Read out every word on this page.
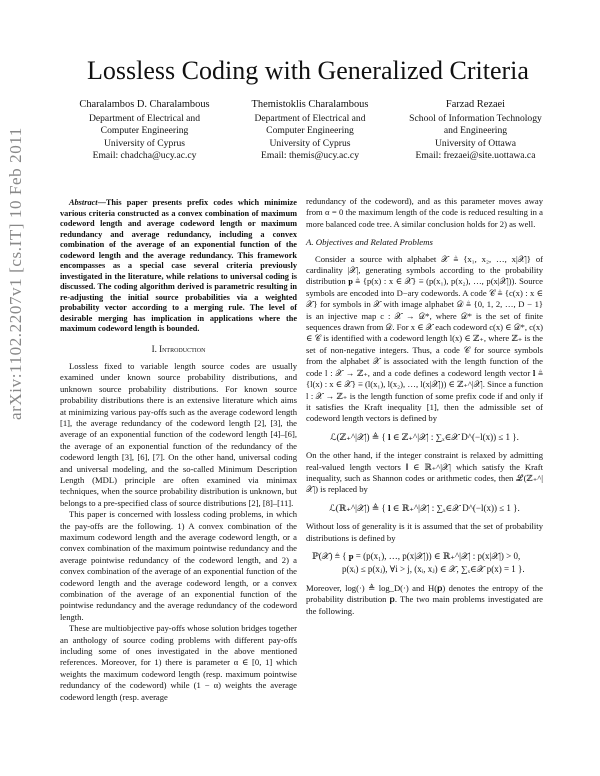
arXiv:1102.2207v1 [cs.IT] 10 Feb 2011
Lossless Coding with Generalized Criteria
Charalambos D. Charalambous
Department of Electrical and
Computer Engineering
University of Cyprus
Email: chadcha@ucy.ac.cy
Themistoklis Charalambous
Department of Electrical and
Computer Engineering
University of Cyprus
Email: themis@ucy.ac.cy
Farzad Rezaei
School of Information Technology
and Engineering
University of Ottawa
Email: frezaei@site.uottawa.ca

Abstract—This paper presents prefix codes which minimize various criteria constructed as a convex combination of maximum codeword length and average codeword length or maximum redundancy and average redundancy, including a convex combination of the average of an exponential function of the codeword length and the average redundancy. This framework encompasses as a special case several criteria previously investigated in the literature, while relations to universal coding is discussed. The coding algorithm derived is parametric resulting in re-adjusting the initial source probabilities via a weighted probability vector according to a merging rule. The level of desirable merging has implication in applications where the maximum codeword length is bounded.

I. Introduction

Lossless fixed to variable length source codes are usually examined under known source probability distributions, and unknown source probability distributions. For known source probability distributions there is an extensive literature which aims at minimizing various pay-offs such as the average codeword length [1], the average redundancy of the codeword length [2], [3], the average of an exponential function of the codeword length [4]–[6], the average of an exponential function of the redundancy of the codeword length [3], [6], [7]. On the other hand, universal coding and universal modeling, and the so-called Minimum Description Length (MDL) principle are often examined via minimax techniques, when the source probability distribution is unknown, but belongs to a pre-specified class of source distributions [2], [8]–[11].

This paper is concerned with lossless coding problems, in which the pay-offs are the following. 1) A convex combination of the maximum codeword length and the average codeword length, or a convex combination of the maximum pointwise redundancy and the average pointwise redundancy of the codeword length, and 2) a convex combination of the average of an exponential function of the codeword length and the average codeword length, or a convex combination of the average of an exponential function of the pointwise redundancy and the average redundancy of the codeword length.

These are multiobjective pay-offs whose solution bridges together an anthology of source coding problems with different pay-offs including some of ones investigated in the above mentioned references. Moreover, for 1) there is parameter α ∈ [0, 1] which weights the maximum codeword length (resp. maximum pointwise redundancy of the codeword) while (1 − α) weights the average codeword length (resp. average

redundancy of the codeword), and as this parameter moves away from α = 0 the maximum length of the code is reduced resulting in a more balanced code tree. A similar conclusion holds for 2) as well.

A. Objectives and Related Problems

Consider a source with alphabet 𝒳 ≜ {x₁, x₂, …, x|𝒳|} of cardinality |𝒳|, generating symbols according to the probability distribution 𝐩 ≜ {p(x) : x ∈ 𝒳} ≡ (p(x₁), p(x₂), …, p(x|𝒳|)). Source symbols are encoded into D−ary codewords. A code 𝒞 ≜ {c(x) : x ∈ 𝒳} for symbols in 𝒳 with image alphabet 𝒟 ≜ {0, 1, 2, …, D − 1} is an injective map c : 𝒳 → 𝒟*, where 𝒟* is the set of finite sequences drawn from 𝒟. For x ∈ 𝒳 each codeword c(x) ∈ 𝒟*, c(x) ∈ 𝒞 is identified with a codeword length l(x) ∈ ℤ₊, where ℤ₊ is the set of non-negative integers. Thus, a code 𝒞 for source symbols from the alphabet 𝒳 is associated with the length function of the code l : 𝒳 → ℤ₊, and a code defines a codeword length vector 𝐥 ≜ {l(x) : x ∈ 𝒳} ≡ (l(x₁), l(x₂), …, l(x|𝒳|)) ∈ ℤ₊^|𝒳|. Since a function l : 𝒳 → ℤ₊ is the length function of some prefix code if and only if it satisfies the Kraft inequality [1], then the admissible set of codeword length vectors is defined by

ℒ(ℤ₊^|𝒳|) ≜ { 𝐥 ∈ ℤ₊^|𝒳| : ∑ₓ∈𝒳 D^(−l(x)) ≤ 1 }.

On the other hand, if the integer constraint is relaxed by admitting real-valued length vectors 𝐥 ∈ ℝ₊^|𝒳| which satisfy the Kraft inequality, such as Shannon codes or arithmetic codes, then ℒ(ℤ₊^|𝒳|) is replaced by

ℒ(ℝ₊^|𝒳|) ≜ { 𝐥 ∈ ℝ₊^|𝒳| : ∑ₓ∈𝒳 D^(−l(x)) ≤ 1 }.

Without loss of generality is it is assumed that the set of probability distributions is defined by

ℙ(𝒳) ≜ { 𝐩 = (p(x₁), …, p(x|𝒳|)) ∈ ℝ₊^|𝒳| : p(x|𝒳|) > 0,
p(xᵢ) ≤ p(xⱼ), ∀i > j, (xᵢ, xⱼ) ∈ 𝒳, ∑ₓ∈𝒳 p(x) = 1 }.

Moreover, log(·) ≜ log_D(·) and H(𝐩) denotes the entropy of the probability distribution 𝐩. The two main problems investigated are the following.
